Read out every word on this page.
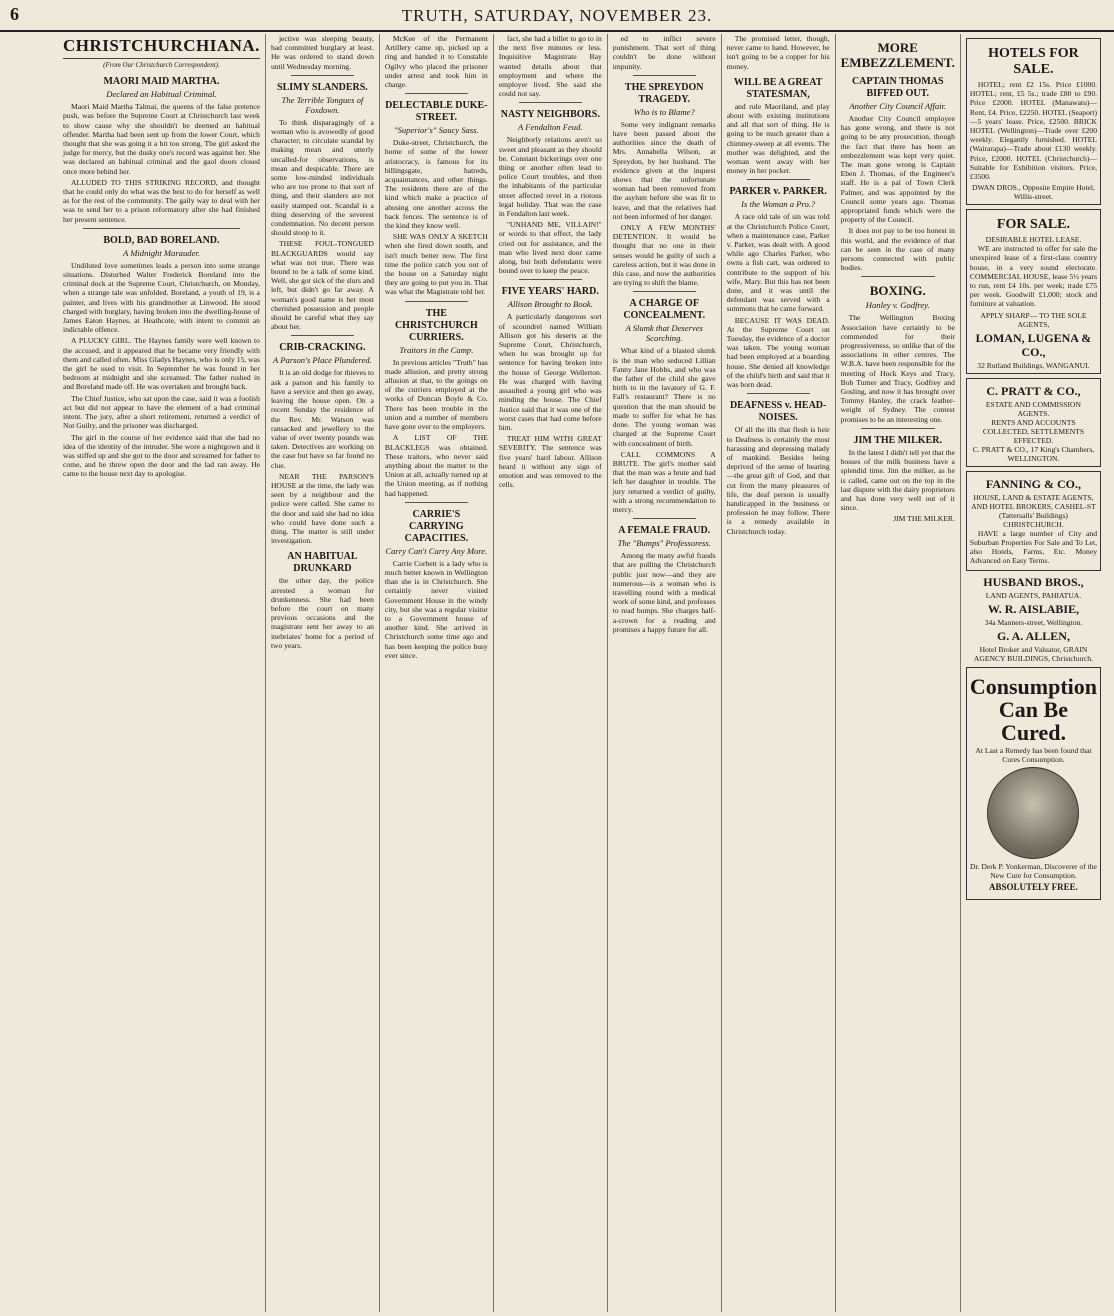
6	TRUTH, SATURDAY, NOVEMBER 23.
CHRISTCHURCHIANA.
(From Our Christchurch Correspondent).
MAORI MAID MARTHA.
Declared an Habitual Criminal.

Maori Maid Martha Talmai, the queens of the false pretence push, was before the Supreme Court at Christchurch last week to show cause why she shouldn't be deemed an habitual offender. Martha had been sent up from the lower Court, which thought that she was going it a bit too strong. The girl asked the judge for mercy, but the dusky one's record was against her. She was declared an habitual criminal and the gaol doors closed once more behind her.

ALLUDED TO THIS STRIKING RECORD, and thought that he could only do what was the best to do for herself as well as for the rest of the community. The gaily way to deal with her was to send her to a prison reformatory after she had finished her present sentence.

BOLD, BAD BORELAND.
A Midnight Marauder.

Undiluted love sometimes leads a person into some strange situations. Disturbed Walter Frederick Boreland into the criminal dock at the Supreme Court, Christchurch, on Monday, when a strange tale was unfolded. Boreland, a youth of 19, is a painter, and lives with his grandmother at Linwood. He stood charged with burglary, having broken into the dwelling-house of James Eaton Haynes, at Heathcote, with intent to commit an indictable offence.

A PLUCKY GIRL. The Haynes family were well known to the accused, and it appeared that he became very friendly with them and called often. Miss Gladys Haynes, who is only 15, was the girl he used to visit. In September he was found in her bedroom at midnight and she screamed. The father rushed in and Boreland made off. He was overtaken and brought back.

The Chief Justice, who sat upon the case, said it was a foolish act but did not appear to have the element of a bad criminal intent. The jury, after a short retirement, returned a verdict of Not Guilty, and the prisoner was discharged.

The girl in the course of her evidence said that she had no idea of the identity of the intruder. She wore a nightgown and it was stiffed up and she got to the door and screamed for father to come, and he threw open the door and the lad ran away. He came to the house next day to apologise.

jective was sleeping beauty, had committed burglary at least. He was ordered to stand down until Wednesday morning.

SLIMY SLANDERS.
The Terrible Tongues of Foxdown.

To think disparagingly of a woman who is avowedly of good character; to circulate scandal by making mean and utterly uncalled-for observations, is mean and despicable. There are some low-minded individuals who are too prone to that sort of thing, and their slanders are not easily stamped out. Scandal is a thing deserving of the severest condemnation. No decent person should stoop to it.

THESE FOUL-TONGUED BLACKGUARDS would say what was not true. There was bound to be a talk of some kind. Well, she got sick of the slurs and left, but didn't go far away. A woman's good name is her most cherished possession and people should be careful what they say about her.

CRIB-CRACKING.
A Parson's Place Plundered.

It is an old dodge for thieves to ask a parson and his family to have a service and then go away, leaving the house open. On a recent Sunday the residence of the Rev. Mr. Watson was ransacked and jewellery to the value of over twenty pounds was taken. Detectives are working on the case but have so far found no clue.

NEAR THE PARSON'S HOUSE at the time, the lady was seen by a neighbour and the police were called. She came to the door and said she had no idea who could have done such a thing. The matter is still under investigation.

AN HABITUAL DRUNKARD

the other day, the police arrested a woman for drunkenness. She had been before the court on many previous occasions and the magistrate sent her away to an inebriates' home for a period of two years.

McKee of the Permanent Artillery came up, picked up a ring and handed it to Constable Ogilvy who placed the prisoner under arrest and took him in charge.

DELECTABLE DUKE-STREET.
"Superior's" Saucy Sass.

Duke-street, Christchurch, the home of some of the lower aristocracy, is famous for its billingsgate, hatreds, acquaintances, and other things. The residents there are of the kind which make a practice of abusing one another across the back fences. The sentence is of the kind they know well.

SHE WAS ONLY A SKETCH when she fired down south, and isn't much better now. The first time the police catch you out of the house on a Saturday night they are going to put you in. That was what the Magistrate told her.

THE CHRISTCHURCH CURRIERS.
Traitors in the Camp.

In previous articles "Truth" has made allusion, and pretty strong allusion at that, to the goings on of the curriers employed at the works of Duncan Boyle & Co. There has been trouble in the union and a number of members have gone over to the employers.

A LIST OF THE BLACKLEGS was obtained. These traitors, who never said anything about the matter to the Union at all, actually turned up at the Union meeting, as if nothing had happened.

CARRIE'S CARRYING CAPACITIES.
Carry Can't Carry Any More.

Carrie Corbett is a lady who is much better known in Wellington than she is in Christchurch. She certainly never visited Government House in the windy city, but she was a regular visitor to a Government house of another kind. She arrived in Christchurch some time ago and has been keeping the police busy ever since.

fact, she had a billet to go to in the next five minutes or less. Inquisitive Magistrate Bay wanted details about that employment and where the employer lived. She said she could not say.

NASTY NEIGHBORS.
A Fendalton Feud.

Neighborly relations aren't so sweet and pleasant as they should be. Constant bickerings over one thing or another often lead to police Court troubles, and then the inhabitants of the particular street affected revel in a riotous legal holiday. That was the case in Fendalton last week.

"UNHAND ME, VILLAIN!" or words to that effect, the lady cried out for assistance, and the man who lived next door came along, but both defendants were bound over to keep the peace.

FIVE YEARS' HARD.
Allison Brought to Book.

A particularly dangerous sort of scoundrel named William Allison got his deserts at the Supreme Court, Christchurch, when he was brought up for sentence for having broken into the house of George Wellerton. He was charged with having assaulted a young girl who was minding the house. The Chief Justice said that it was one of the worst cases that had come before him.

TREAT HIM WITH GREAT SEVERITY. The sentence was five years' hard labour. Allison heard it without any sign of emotion and was removed to the cells.

ed to inflict severe punishment. That sort of thing couldn't be done without impunity.

THE SPREYDON TRAGEDY.
Who is to Blame?

Some very indignant remarks have been passed about the authorities since the death of Mrs. Annabella Wilson, at Spreydon, by her husband. The evidence given at the inquest shows that the unfortunate woman had been removed from the asylum before she was fit to leave, and that the relatives had not been informed of her danger.

ONLY A FEW MONTHS' DETENTION. It would be thought that no one in their senses would be guilty of such a careless action, but it was done in this case, and now the authorities are trying to shift the blame.

A CHARGE OF CONCEALMENT.
A Slumk that Deserves Scorching.

What kind of a blasted slumk is the man who seduced Lillian Fanny Jane Hobbs, and who was the father of the child she gave birth to in the lavatory of G. F. Fall's restaurant? There is no question that the man should be made to suffer for what he has done. The young woman was charged at the Supreme Court with concealment of birth.

CALL COMMONS A BRUTE. The girl's mother said that the man was a brute and had left her daughter in trouble. The jury returned a verdict of guilty, with a strong recommendation to mercy.

A FEMALE FRAUD.
The "Bumps" Professoress.

Among the many awful frauds that are pulling the Christchurch public just now—and they are numerous—is a woman who is travelling round with a medical work of some kind, and professes to read bumps. She charges half-a-crown for a reading and promises a happy future for all.

The promised letter, though, never came to hand. However, he isn't going to be a copper for his money.

WILL BE A GREAT STATESMAN,

and rule Maoriland, and play about with existing institutions and all that sort of thing. He is going to be much greater than a chimney-sweep at all events. The mother was delighted, and the woman went away with her money in her pocket.

PARKER v. PARKER.
Is the Woman a Pro.?

A race old tale of sin was told at the Christchurch Police Court, when a maintenance case, Parker v. Parker, was dealt with. A good while ago Charles Parker, who owns a fish cart, was ordered to contribute to the support of his wife, Mary. But this has not been done, and it was until the defendant was served with a summons that he came forward.

BECAUSE IT WAS DEAD. At the Supreme Court on Tuesday, the evidence of a doctor was taken. The young woman had been employed at a boarding house. She denied all knowledge of the child's birth and said that it was born dead.

DEAFNESS v. HEAD-NOISES.

Of all the ills that flesh is heir to Deafness is certainly the most harassing and depressing malady of mankind. Besides being deprived of the sense of hearing—the great gift of God, and that cut from the many pleasures of life, the deaf person is usually handicapped in the business or profession he may follow. There is a remedy available in Christchurch today.

MORE EMBEZZLEMENT.
CAPTAIN THOMAS BIFFED OUT.
Another City Council Affair.

Another City Council employee has gone wrong, and there is not going to be any prosecution, though the fact that there has been an embezzlement was kept very quiet. The man gone wrong is Captain Eben J. Thomas, of the Engineer's staff. He is a pal of Town Clerk Palmer, and was appointed by the Council some years ago. Thomas appropriated funds which were the property of the Council.

It does not pay to be too honest in this world, and the evidence of that can be seen in the case of many persons connected with public bodies.

BOXING.
Hanley v. Godfrey.

The Wellington Boxing Association have certainly to be commended for their progressiveness, so unlike that of the associations in other centres. The W.B.A. have been responsible for the meeting of Hock Keys and Tracy, Bob Turner and Tracy, Godfrey and Gosling, and now it has brought over Tommy Hanley, the crack feather-weight of Sydney. The contest promises to be an interesting one.

JIM THE MILKER.

In the latest I didn't tell yet that the bosses of the milk business have a splendid time. Jim the milker, as he is called, came out on the top in the last dispute with the dairy proprietors and has done very well out of it since.

JIM THE MILKER.
HOTELS FOR SALE.

HOTEL; rent £2 15s. Price £1000. HOTEL; rent, £5 5s.; trade £80 to £90. Price £2000. HOTEL (Manawatu)—Rent, £4. Price, £2250. HOTEL (Seaport)—5 years' lease. Price, £2500. BRICK HOTEL (Wellington)—Trade over £200 weekly. Elegantly furnished. HOTEL (Wairarapa)—Trade about £130 weekly. Price, £2000. HOTEL (Christchurch)—Suitable for Exhibition visitors. Price, £3500.

DWAN DROS., Opposite Empire Hotel, Willis-street.
FOR SALE.
DESIRABLE HOTEL LEASE.

WE are instructed to offer for sale the unexpired lease of a first-class country house, in a very sound electorate. COMMERCIAL HOUSE, lease 5½ years to run, rent £4 10s. per week; trade £75 per week. Goodwill £1,000; stock and furniture at valuation.

APPLY SHARP— TO THE SOLE AGENTS,
LOMAN, LUGENA & CO.,
32 Rutland Buildings, WANGANUI.
C. PRATT & CO.,
ESTATE AND COMMISSION AGENTS.
RENTS AND ACCOUNTS COLLECTED, SETTLEMENTS EFFECTED.
C. PRATT & CO., 17 King's Chambers, WELLINGTON.
FANNING & CO.,
HOUSE, LAND & ESTATE AGENTS, AND HOTEL BROKERS, CASHEL-ST (Tattersalls' Buildings) CHRISTCHURCH.

HAVE a large number of City and Suburban Properties For Sale and To Let, also Hotels, Farms, Etc. Money Advanced on Easy Terms.

HUSBAND BROS.,
LAND AGENTS, PAHIATUA.
W. R. AISLABIE,
34a Manners-street, Wellington.
G. A. ALLEN,
Hotel Broker and Valuator, GRAIN AGENCY BUILDINGS, Christchurch.
Consumption Can Be Cured.
At Last a Remedy has been found that Cures Consumption.
Dr. Derk P. Yonkerman, Discoverer of the New Cure for Consumption.
ABSOLUTELY FREE.
